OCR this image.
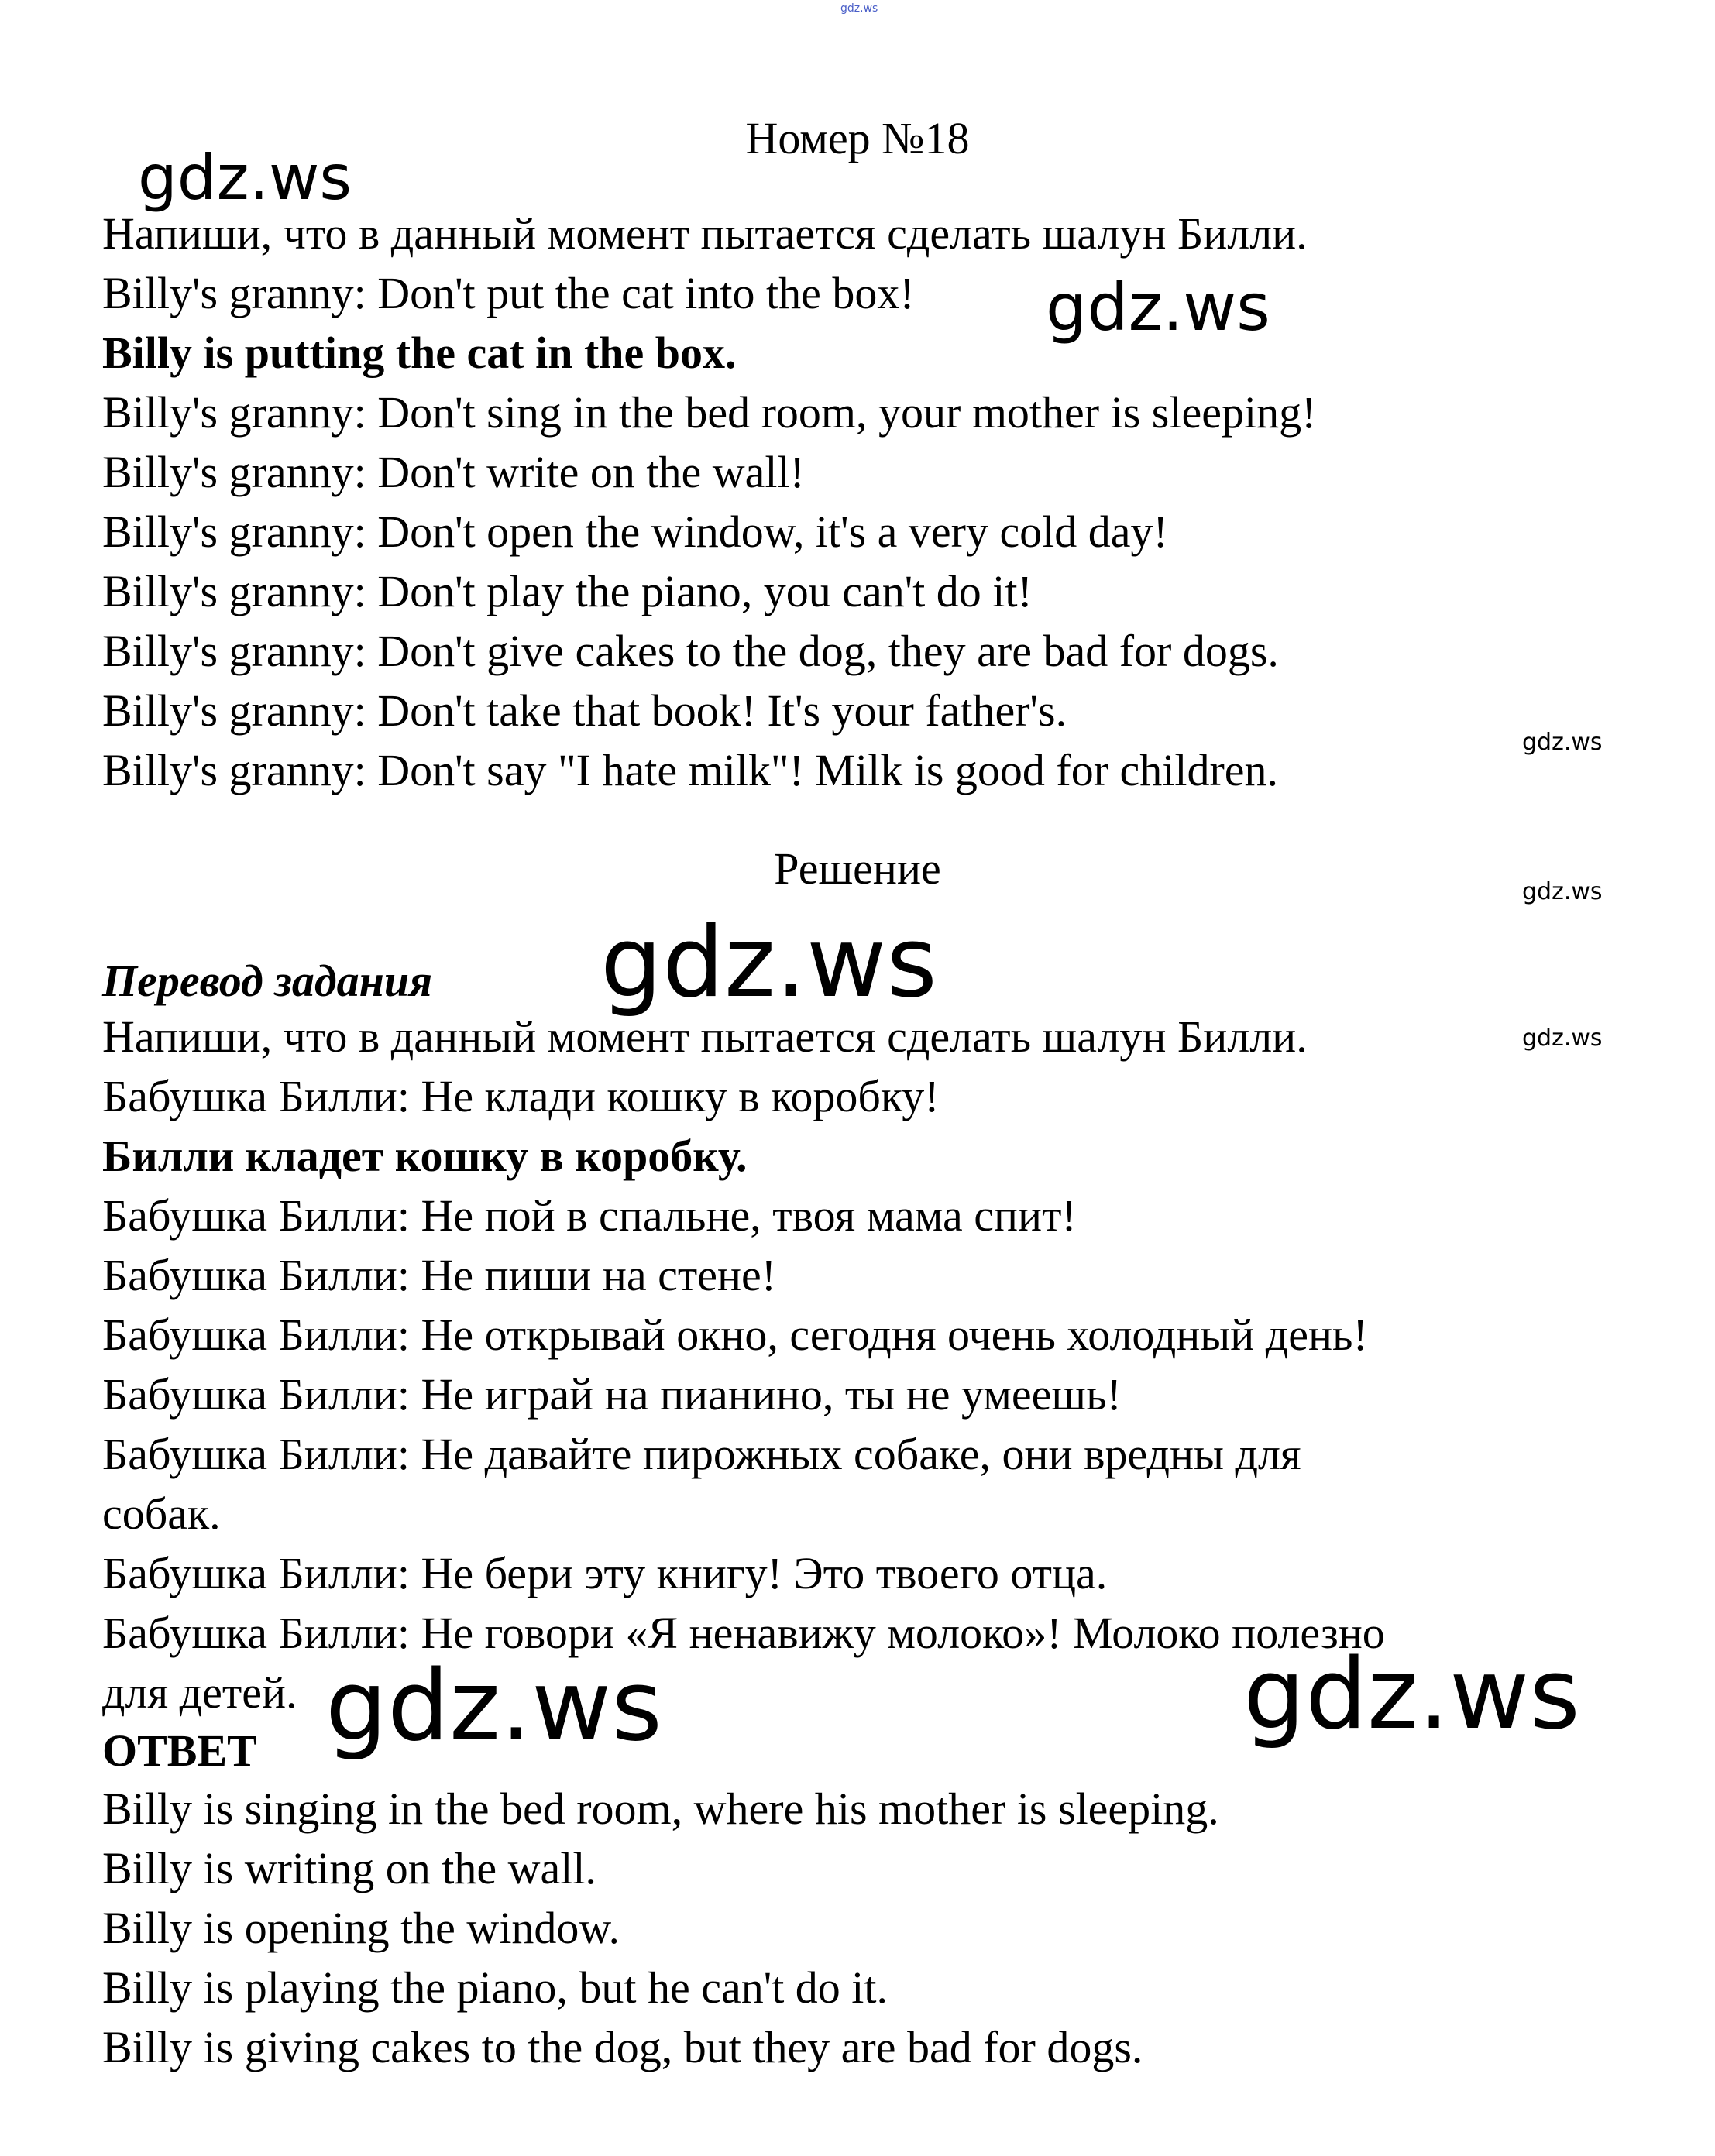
gdz.ws
Номер №18
Напиши, что в данный момент пытается сделать шалун Билли.
Billy's granny: Don't put the cat into the box!
Billy is putting the cat in the box.
Billy's granny: Don't sing in the bed room, your mother is sleeping!
Billy's granny: Don't write on the wall!
Billy's granny: Don't open the window, it's a very cold day!
Billy's granny: Don't play the piano, you can't do it!
Billy's granny: Don't give cakes to the dog, they are bad for dogs.
Billy's granny: Don't take that book! It's your father's.
Billy's granny: Don't say "I hate milk"! Milk is good for children.
Решение
Перевод задания
Напиши, что в данный момент пытается сделать шалун Билли.
Бабушка Билли: Не клади кошку в коробку!
Билли кладет кошку в коробку.
Бабушка Билли: Не пой в спальне, твоя мама спит!
Бабушка Билли: Не пиши на стене!
Бабушка Билли: Не открывай окно, сегодня очень холодный день!
Бабушка Билли: Не играй на пианино, ты не умеешь!
Бабушка Билли: Не давайте пирожных собаке, они вредны для
собак.
Бабушка Билли: Не бери эту книгу! Это твоего отца.
Бабушка Билли: Не говори «Я ненавижу молоко»! Молоко полезно
для детей.
ОТВЕТ
Billy is singing in the bed room, where his mother is sleeping.
Billy is writing on the wall.
Billy is opening the window.
Billy is playing the piano, but he can't do it.
Billy is giving cakes to the dog, but they are bad for dogs.
gdz.ws
gdz.ws
gdz.ws
gdz.ws
gdz.ws
gdz.ws
gdz.ws	gdz.ws
